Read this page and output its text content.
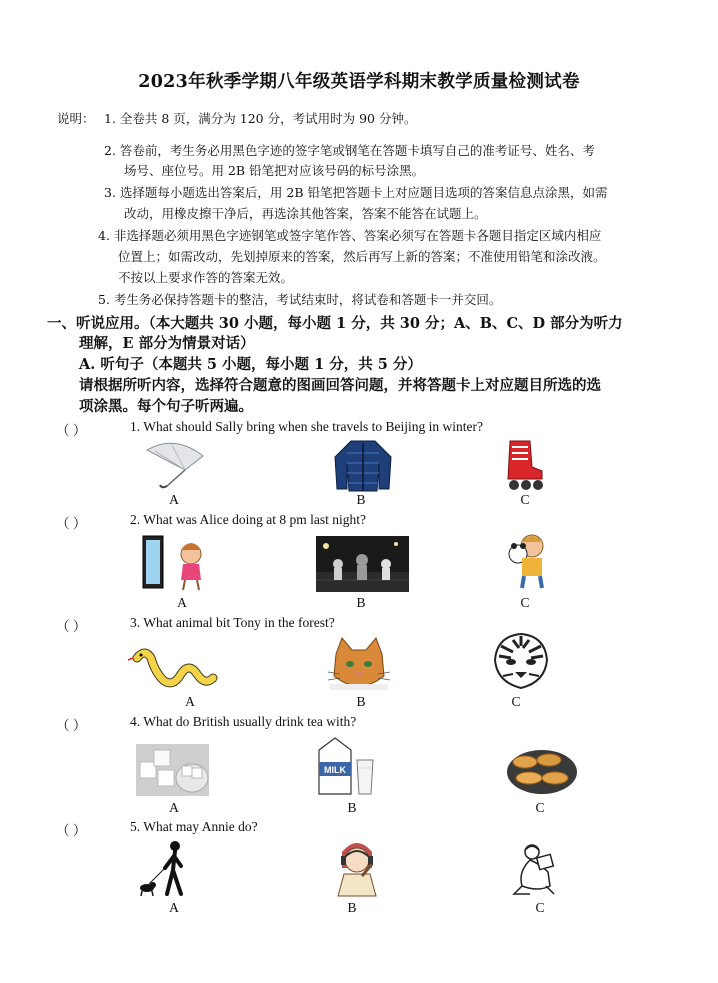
2023年秋季学期八年级英语学科期末教学质量检测试卷
说明： 1. 全卷共 8 页，满分为 120 分，考试用时为 90 分钟。
2. 答卷前，考生务必用黑色字迹的签字笔或钢笔在答题卡填写自己的准考证号、姓名、考
场号、座位号。用 2B 铅笔把对应该号码的标号涂黑。
3. 选择题每小题选出答案后，用 2B 铅笔把答题卡上对应题目选项的答案信息点涂黑，如需
改动，用橡皮擦干净后，再选涂其他答案，答案不能答在试题上。
4. 非选择题必须用黑色字迹钢笔或签字笔作答、答案必须写在答题卡各题目指定区域内相应
位置上；如需改动，先划掉原来的答案，然后再写上新的答案；不准使用铅笔和涂改液。
不按以上要求作答的答案无效。
5. 考生务必保持答题卡的整洁，考试结束时，将试卷和答题卡一并交回。
一、听说应用。（本大题共 30 小题，每小题 1 分，共 30 分；A、B、C、D 部分为听力
理解，E 部分为情景对话）
A. 听句子（本题共 5 小题，每小题 1 分，共 5 分）
请根据所听内容，选择符合题意的图画回答问题，并将答题卡上对应题目所选的选
项涂黑。每个句子听两遍。
（ ）	1. What should Sally bring when she travels to Beijing in winter?
A	B	C
（ ）	2. What was Alice doing at 8 pm last night?
A	B	C
（ ）	3. What animal bit Tony in the forest?
A	B	C
（ ）	4. What do British usually drink tea with?
MILK
A	B	C
（ ）	5. What may Annie do?
A	B	C
